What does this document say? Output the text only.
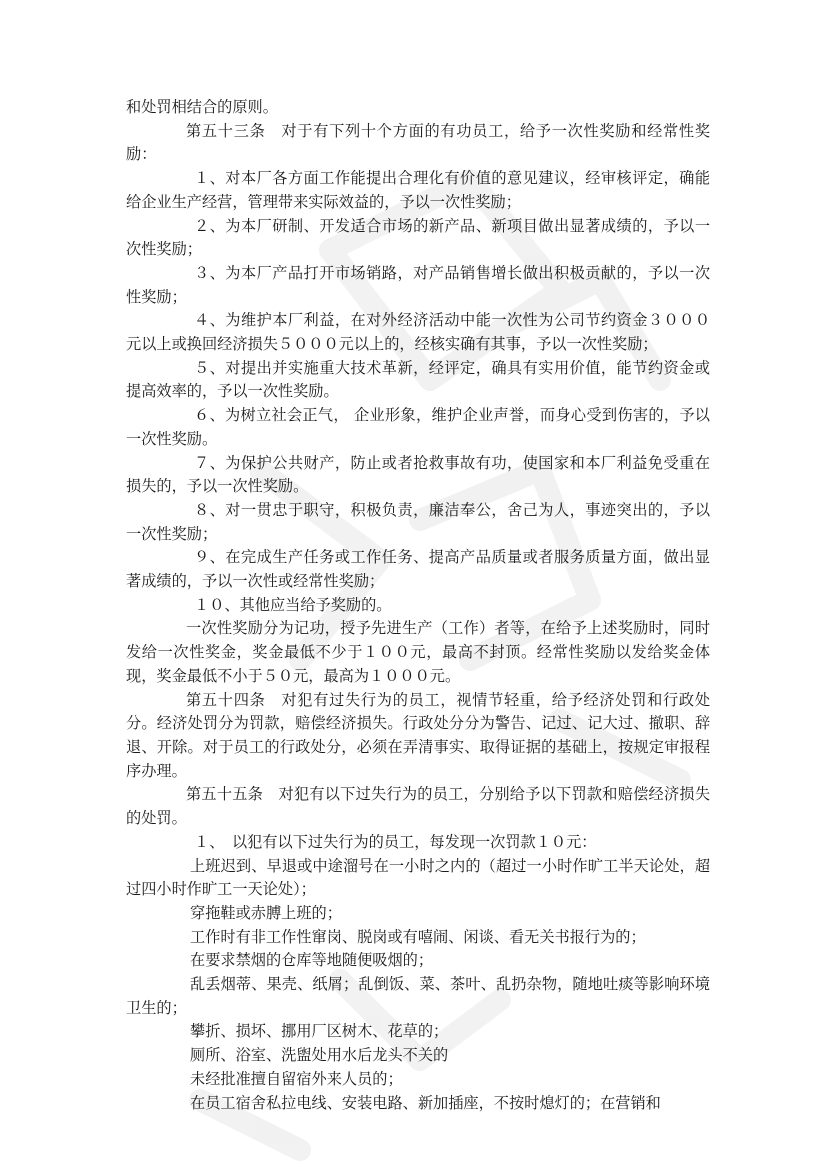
和处罚相结合的原则。

第五十三条　对于有下列十个方面的有功员工，给予一次性奖励和经常性奖励：

１、对本厂各方面工作能提出合理化有价值的意见建议，经审核评定，确能给企业生产经营，管理带来实际效益的，予以一次性奖励；

２、为本厂研制、开发适合市场的新产品、新项目做出显著成绩的，予以一次性奖励；

３、为本厂产品打开市场销路，对产品销售增长做出积极贡献的，予以一次性奖励；

４、为维护本厂利益，在对外经济活动中能一次性为公司节约资金３０００元以上或换回经济损失５０００元以上的，经核实确有其事，予以一次性奖励；

５、对提出并实施重大技术革新，经评定，确具有实用价值，能节约资金或提高效率的，予以一次性奖励。

６、为树立社会正气， 企业形象，维护企业声誉，而身心受到伤害的，予以一次性奖励。

７、为保护公共财产，防止或者抢救事故有功，使国家和本厂利益免受重在损失的，予以一次性奖励。

８、对一贯忠于职守，积极负责，廉洁奉公，舍己为人，事迹突出的，予以一次性奖励；

９、在完成生产任务或工作任务、提高产品质量或者服务质量方面，做出显著成绩的，予以一次性或经常性奖励；

１０、其他应当给予奖励的。

一次性奖励分为记功，授予先进生产（工作）者等，在给予上述奖励时，同时发给一次性奖金，奖金最低不少于１００元，最高不封顶。经常性奖励以发给奖金体现，奖金最低不小于５０元，最高为１０００元。

第五十四条　对犯有过失行为的员工，视情节轻重，给予经济处罚和行政处分。经济处罚分为罚款，赔偿经济损失。行政处分分为警告、记过、记大过、撤职、辞退、开除。对于员工的行政处分，必须在弄清事实、取得证据的基础上，按规定审报程序办理。

第五十五条　对犯有以下过失行为的员工，分别给予以下罚款和赔偿经济损失的处罚。

１、　以犯有以下过失行为的员工，每发现一次罚款１０元：

上班迟到、早退或中途溜号在一小时之内的（超过一小时作旷工半天论处，超过四小时作旷工一天论处）；

穿拖鞋或赤膊上班的；

工作时有非工作性窜岗、脱岗或有嘻闹、闲谈、看无关书报行为的；

在要求禁烟的仓库等地随便吸烟的；

乱丢烟蒂、果壳、纸屑；乱倒饭、菜、茶叶、乱扔杂物，随地吐痰等影响环境卫生的；

攀折、损坏、挪用厂区树木、花草的；

厕所、浴室、洗盥处用水后龙头不关的

未经批准擅自留宿外来人员的；

在员工宿舍私拉电线、安装电路、新加插座，不按时熄灯的；在营销和
